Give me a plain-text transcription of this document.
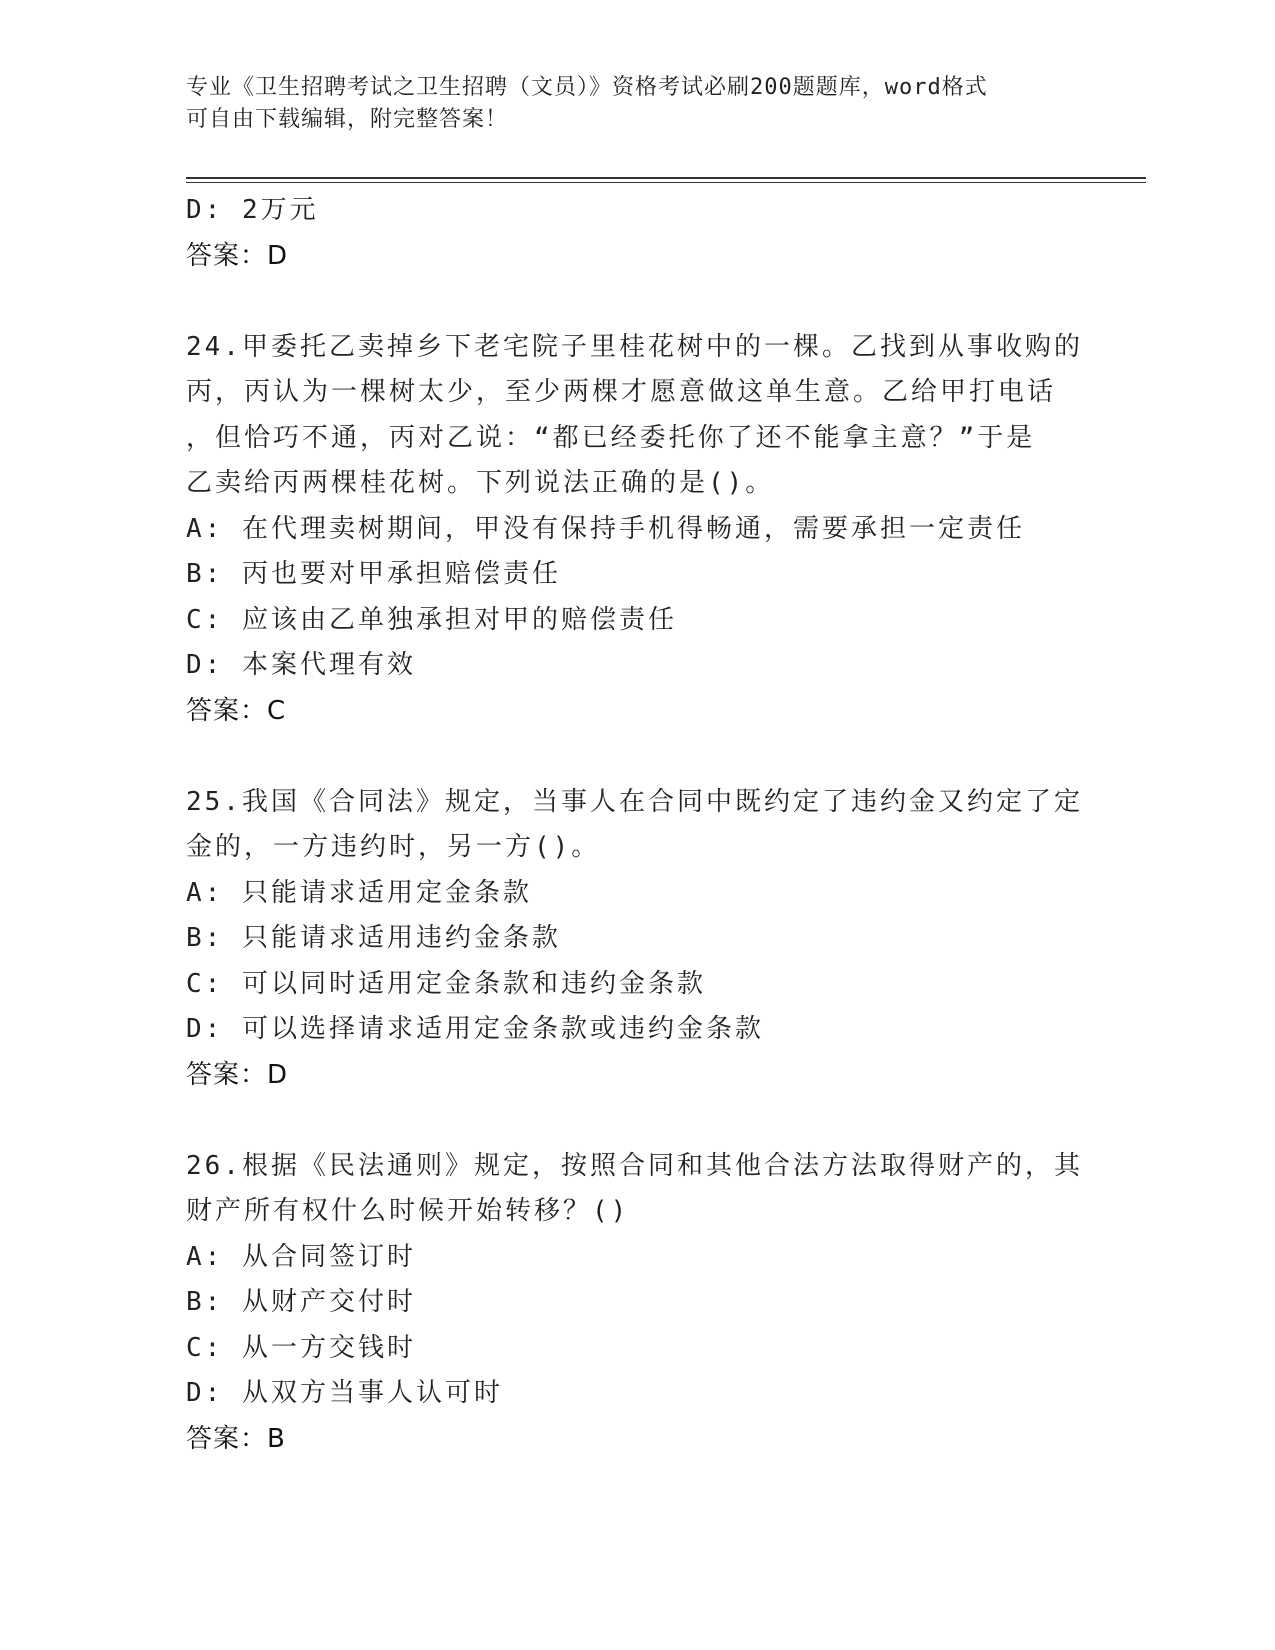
专业《卫生招聘考试之卫生招聘（文员）》资格考试必刷200题题库，word格式
可自由下载编辑，附完整答案！
D: 2万元
答案：D
24.甲委托乙卖掉乡下老宅院子里桂花树中的一棵。乙找到从事收购的
丙，丙认为一棵树太少，至少两棵才愿意做这单生意。乙给甲打电话
，但恰巧不通，丙对乙说：“都已经委托你了还不能拿主意？”于是
乙卖给丙两棵桂花树。下列说法正确的是()。
A: 在代理卖树期间，甲没有保持手机得畅通，需要承担一定责任
B: 丙也要对甲承担赔偿责任
C: 应该由乙单独承担对甲的赔偿责任
D: 本案代理有效
答案：C
25.我国《合同法》规定，当事人在合同中既约定了违约金又约定了定
金的，一方违约时，另一方()。
A: 只能请求适用定金条款
B: 只能请求适用违约金条款
C: 可以同时适用定金条款和违约金条款
D: 可以选择请求适用定金条款或违约金条款
答案：D
26.根据《民法通则》规定，按照合同和其他合法方法取得财产的，其
财产所有权什么时候开始转移？()
A: 从合同签订时
B: 从财产交付时
C: 从一方交钱时
D: 从双方当事人认可时
答案：B
